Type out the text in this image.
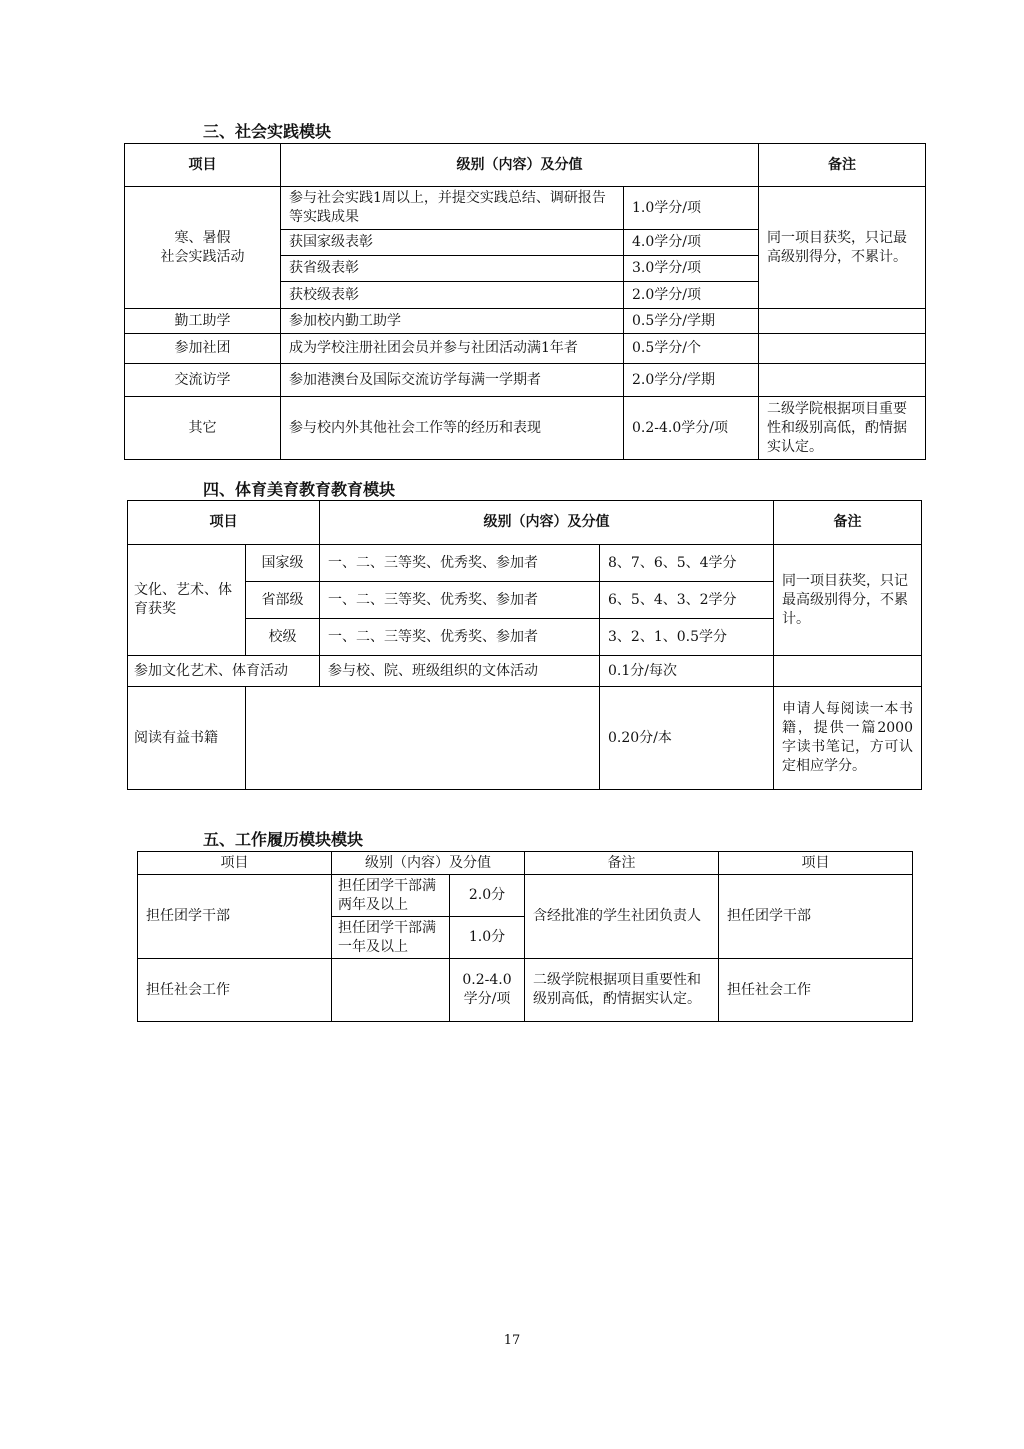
三、社会实践模块
项目	级别（内容）及分值		备注
寒、暑假
社会实践活动	参与社会实践1周以上，并提交实践总结、调研报告等实践成果	1.0学分/项	同一项目获奖，只记最高级别得分，不累计。
	获国家级表彰	4.0学分/项	
	获省级表彰	3.0学分/项	
	获校级表彰	2.0学分/项	
勤工助学	参加校内勤工助学	0.5学分/学期	
参加社团	成为学校注册社团会员并参与社团活动满1年者	0.5学分/个	
交流访学	参加港澳台及国际交流访学每满一学期者	2.0学分/学期	
其它	参与校内外其他社会工作等的经历和表现	0.2-4.0学分/项	二级学院根据项目重要性和级别高低，酌情据实认定。
四、体育美育教育教育模块
项目		级别（内容）及分值		备注
文化、艺术、体育获奖	国家级	一、二、三等奖、优秀奖、参加者	8、7、6、5、4学分	同一项目获奖，只记最高级别得分，不累计。
	省部级	一、二、三等奖、优秀奖、参加者	6、5、4、3、2学分	
	校级	一、二、三等奖、优秀奖、参加者	3、2、1、0.5学分	
参加文化艺术、体育活动		参与校、院、班级组织的文体活动	0.1分/每次	
阅读有益书籍			0.20分/本	申请人每阅读一本书籍，提供一篇2000字读书笔记，方可认定相应学分。
五、工作履历模块模块
项目	级别（内容）及分值		备注	项目
担任团学干部	担任团学干部满两年及以上	2.0分	含经批准的学生社团负责人	担任团学干部
	担任团学干部满一年及以上	1.0分		
担任社会工作		0.2-4.0学分/项	二级学院根据项目重要性和级别高低，酌情据实认定。	担任社会工作
17
